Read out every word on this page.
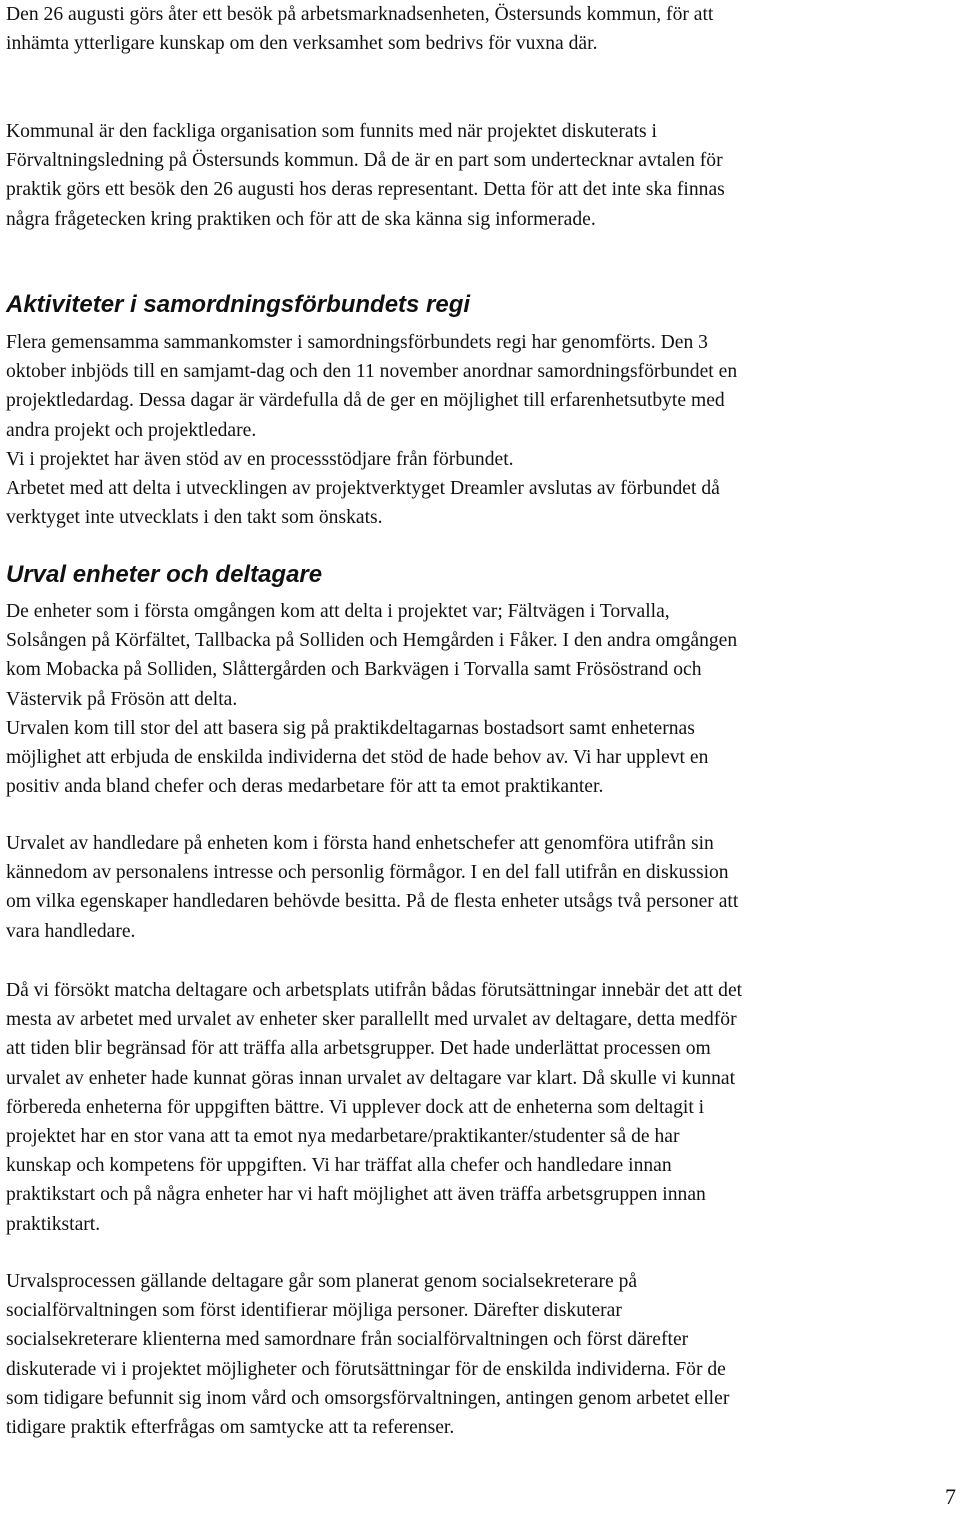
Den 26 augusti görs åter ett besök på arbetsmarknadsenheten, Östersunds kommun, för att
inhämta ytterligare kunskap om den verksamhet som bedrivs för vuxna där.

Kommunal är den fackliga organisation som funnits med när projektet diskuterats i
Förvaltningsledning på Östersunds kommun. Då de är en part som undertecknar avtalen för
praktik görs ett besök den 26 augusti hos deras representant. Detta för att det inte ska finnas
några frågetecken kring praktiken och för att de ska känna sig informerade.

Aktiviteter i samordningsförbundets regi

Flera gemensamma sammankomster i samordningsförbundets regi har genomförts. Den 3
oktober inbjöds till en samjamt-dag och den 11 november anordnar samordningsförbundet en
projektledardag. Dessa dagar är värdefulla då de ger en möjlighet till erfarenhetsutbyte med
andra projekt och projektledare.
Vi i projektet har även stöd av en processstödjare från förbundet.
Arbetet med att delta i utvecklingen av projektverktyget Dreamler avslutas av förbundet då
verktyget inte utvecklats i den takt som önskats.

Urval enheter och deltagare

De enheter som i första omgången kom att delta i projektet var; Fältvägen i Torvalla,
Solsången på Körfältet, Tallbacka på Solliden och Hemgården i Fåker. I den andra omgången
kom Mobacka på Solliden, Slåttergården och Barkvägen i Torvalla samt Frösöstrand och
Västervik på Frösön att delta.
Urvalen kom till stor del att basera sig på praktikdeltagarnas bostadsort samt enheternas
möjlighet att erbjuda de enskilda individerna det stöd de hade behov av. Vi har upplevt en
positiv anda bland chefer och deras medarbetare för att ta emot praktikanter.

Urvalet av handledare på enheten kom i första hand enhetschefer att genomföra utifrån sin
kännedom av personalens intresse och personlig förmågor. I en del fall utifrån en diskussion
om vilka egenskaper handledaren behövde besitta. På de flesta enheter utsågs två personer att
vara handledare.

Då vi försökt matcha deltagare och arbetsplats utifrån bådas förutsättningar innebär det att det
mesta av arbetet med urvalet av enheter sker parallellt med urvalet av deltagare, detta medför
att tiden blir begränsad för att träffa alla arbetsgrupper. Det hade underlättat processen om
urvalet av enheter hade kunnat göras innan urvalet av deltagare var klart. Då skulle vi kunnat
förbereda enheterna för uppgiften bättre. Vi upplever dock att de enheterna som deltagit i
projektet har en stor vana att ta emot nya medarbetare/praktikanter/studenter så de har
kunskap och kompetens för uppgiften. Vi har träffat alla chefer och handledare innan
praktikstart och på några enheter har vi haft möjlighet att även träffa arbetsgruppen innan
praktikstart.

Urvalsprocessen gällande deltagare går som planerat genom socialsekreterare på
socialförvaltningen som först identifierar möjliga personer. Därefter diskuterar
socialsekreterare klienterna med samordnare från socialförvaltningen och först därefter
diskuterade vi i projektet möjligheter och förutsättningar för de enskilda individerna. För de
som tidigare befunnit sig inom vård och omsorgsförvaltningen, antingen genom arbetet eller
tidigare praktik efterfrågas om samtycke att ta referenser.

7
